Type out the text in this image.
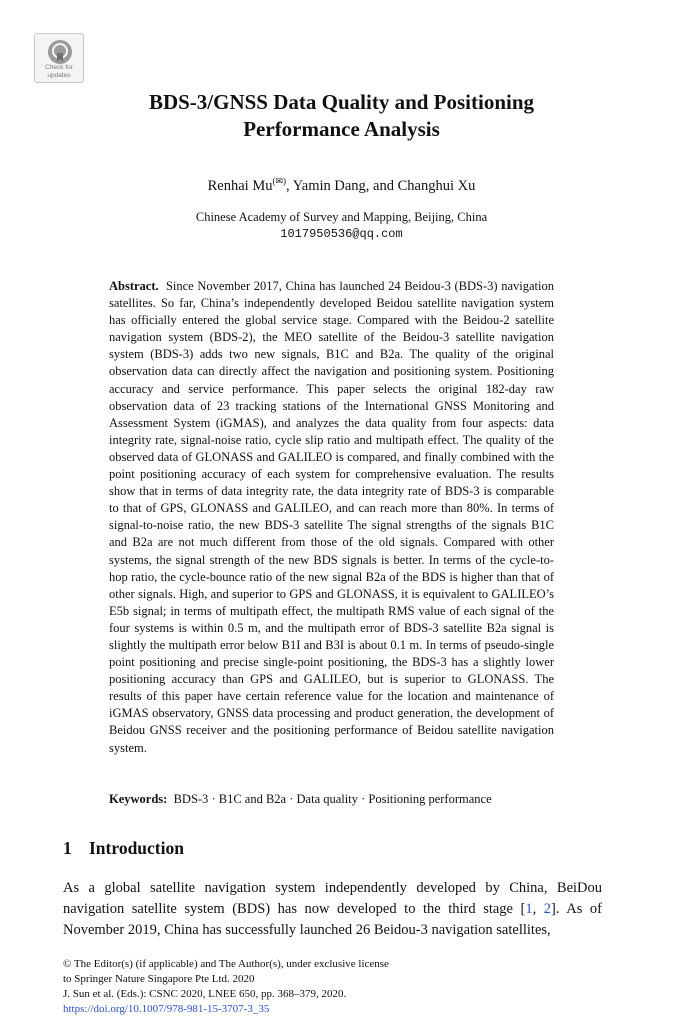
Check for
updates
BDS-3/GNSS Data Quality and Positioning
Performance Analysis
Renhai Mu(✉), Yamin Dang, and Changhui Xu
Chinese Academy of Survey and Mapping, Beijing, China
1017950536@qq.com

Abstract. Since November 2017, China has launched 24 Beidou-3 (BDS-3) navigation satellites. So far, China’s independently developed Beidou satellite navigation system has officially entered the global service stage. Compared with the Beidou-2 satellite navigation system (BDS-2), the MEO satellite of the Beidou-3 satellite navigation system (BDS-3) adds two new signals, B1C and B2a. The quality of the original observation data can directly affect the navigation and positioning system. Positioning accuracy and service performance. This paper selects the original 182-day raw observation data of 23 tracking stations of the International GNSS Monitoring and Assessment System (iGMAS), and analyzes the data quality from four aspects: data integrity rate, signal-noise ratio, cycle slip ratio and multipath effect. The quality of the observed data of GLONASS and GALILEO is compared, and finally combined with the point positioning accuracy of each system for comprehensive evaluation. The results show that in terms of data integrity rate, the data integrity rate of BDS-3 is comparable to that of GPS, GLONASS and GALILEO, and can reach more than 80%. In terms of signal-to-noise ratio, the new BDS-3 satellite The signal strengths of the signals B1C and B2a are not much different from those of the old signals. Compared with other systems, the signal strength of the new BDS signals is better. In terms of the cycle-to-hop ratio, the cycle-bounce ratio of the new signal B2a of the BDS is higher than that of other signals. High, and superior to GPS and GLONASS, it is equivalent to GALILEO’s E5b signal; in terms of multipath effect, the multipath RMS value of each signal of the four systems is within 0.5 m, and the multipath error of BDS-3 satellite B2a signal is slightly the multipath error below B1I and B3I is about 0.1 m. In terms of pseudo-single point positioning and precise single-point positioning, the BDS-3 has a slightly lower positioning accuracy than GPS and GALILEO, but is superior to GLONASS. The results of this paper have certain reference value for the location and maintenance of iGMAS observatory, GNSS data processing and product generation, the development of Beidou GNSS receiver and the positioning performance of Beidou satellite navigation system.

Keywords: BDS-3 · B1C and B2a · Data quality · Positioning performance
1 Introduction

As a global satellite navigation system independently developed by China, BeiDou navigation satellite system (BDS) has now developed to the third stage [1, 2]. As of November 2019, China has successfully launched 26 Beidou-3 navigation satellites,

© The Editor(s) (if applicable) and The Author(s), under exclusive license
to Springer Nature Singapore Pte Ltd. 2020
J. Sun et al. (Eds.): CSNC 2020, LNEE 650, pp. 368–379, 2020.
https://doi.org/10.1007/978-981-15-3707-3_35
